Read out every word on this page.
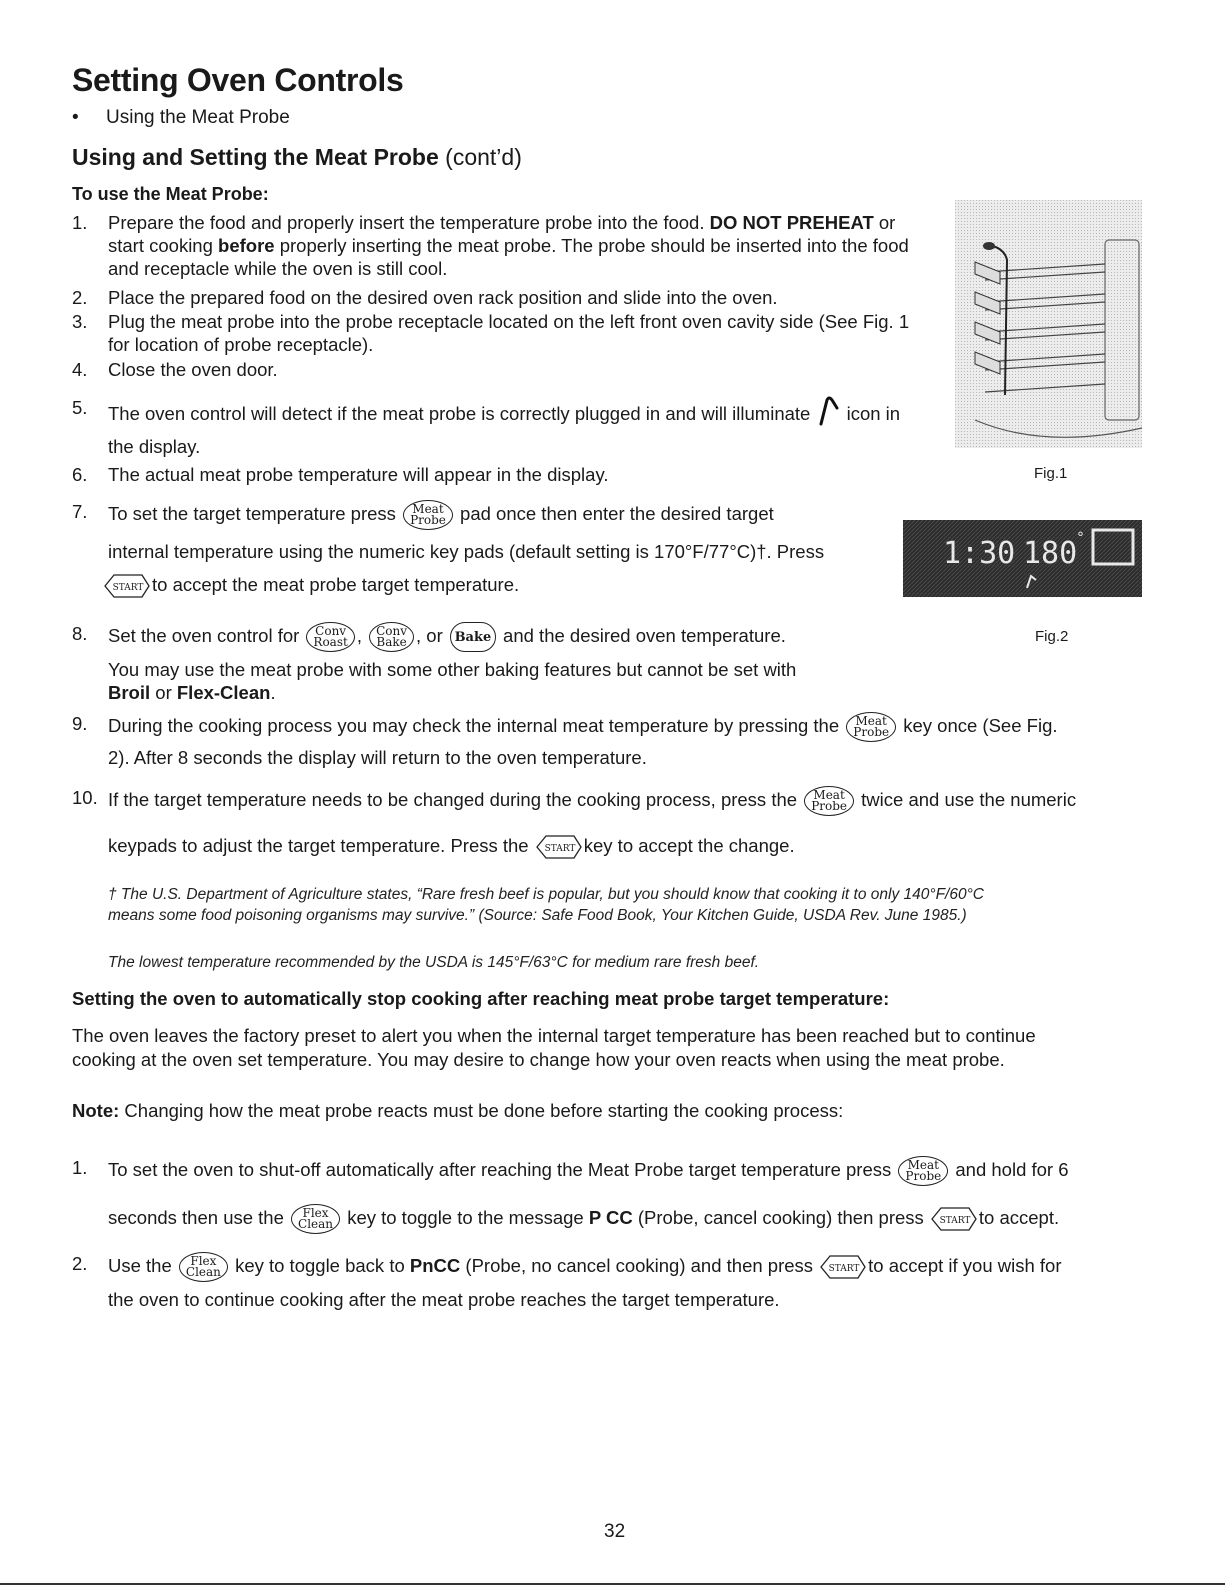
Setting Oven Controls
• Using the Meat Probe
Using and Setting the Meat Probe (cont’d)
To use the Meat Probe:
1. Prepare the food and properly insert the temperature probe into the food. DO NOT PREHEAT or
start cooking before properly inserting the meat probe. The probe should be inserted into the food
and receptacle while the oven is still cool.
2. Place the prepared food on the desired oven rack position and slide into the oven.
3. Plug the meat probe into the probe receptacle located on the left front oven cavity side (See Fig. 1
for location of probe receptacle).
4. Close the oven door.
5. The oven control will detect if the meat probe is correctly plugged in and will illuminate icon in
the display.
6. The actual meat probe temperature will appear in the display.
7. To set the target temperature press Meat
Probe pad once then enter the desired target
internal temperature using the numeric key pads (default setting is 170°F/77°C)†. Press
START to accept the meat probe target temperature.
8. Set the oven control for Conv
Roast , Conv
Bake , or Bake and the desired oven temperature.
You may use the meat probe with some other baking features but cannot be set with
Broil or Flex-Clean.
9. During the cooking process you may check the internal meat temperature by pressing the Meat
Probe key once (See Fig.
2). After 8 seconds the display will return to the oven temperature.
10. If the target temperature needs to be changed during the cooking process, press the Meat
Probe twice and use the numeric
keypads to adjust the target temperature. Press the START key to accept the change.
Fig.1
1:30 180 °
Fig.2
† The U.S. Department of Agriculture states, “Rare fresh beef is popular, but you should know that cooking it to only 140°F/60°C
means some food poisoning organisms may survive.” (Source: Safe Food Book, Your Kitchen Guide, USDA Rev. June 1985.)
The lowest temperature recommended by the USDA is 145°F/63°C for medium rare fresh beef.
Setting the oven to automatically stop cooking after reaching meat probe target temperature:
The oven leaves the factory preset to alert you when the internal target temperature has been reached but to continue
cooking at the oven set temperature. You may desire to change how your oven reacts when using the meat probe.
Note: Changing how the meat probe reacts must be done before starting the cooking process:
1. To set the oven to shut-off automatically after reaching the Meat Probe target temperature press Meat
Probe and hold for 6
seconds then use the Flex
Clean key to toggle to the message P CC (Probe, cancel cooking) then press START to accept.
2. Use the Flex
Clean key to toggle back to PnCC (Probe, no cancel cooking) and then press START to accept if you wish for
the oven to continue cooking after the meat probe reaches the target temperature.
32
